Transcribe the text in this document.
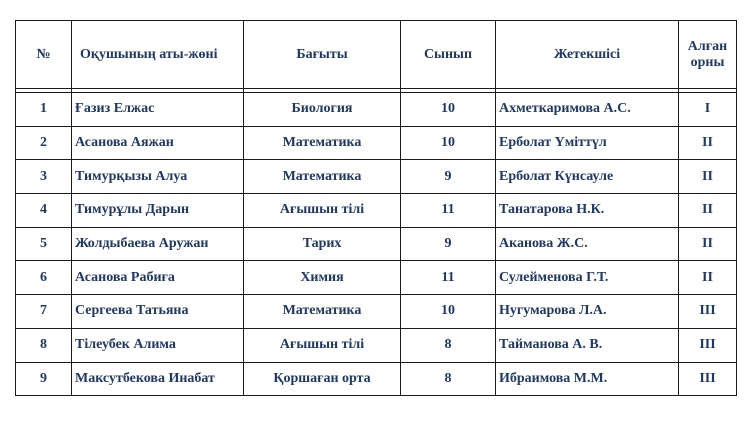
№	Оқушының аты-жөні	Бағыты	Сынып	Жетекшісі	Алған орны

1	Ғазиз Елжас	Биология	10	Ахметкаримова А.С.	І
2	Асанова Аяжан	Математика	10	Ерболат Үміттүл	ІІ
3	Тимурқызы Алуа	Математика	9	Ерболат Күнсауле	ІІ
4	Тимурұлы Дарын	Ағышын тілі	11	Танатарова Н.К.	ІІ
5	Жолдыбаева Аружан	Тарих	9	Аканова Ж.С.	ІІ
6	Асанова Рабиға	Химия	11	Сулейменова Г.Т.	ІІ
7	Сергеева Татьяна	Математика	10	Нугумарова Л.А.	ІІІ
8	Тілеубек Алима	Ағышын тілі	8	Тайманова А. В.	ІІІ
9	Максутбекова Инабат	Қоршаған орта	8	Ибраимова М.М.	ІІІ
